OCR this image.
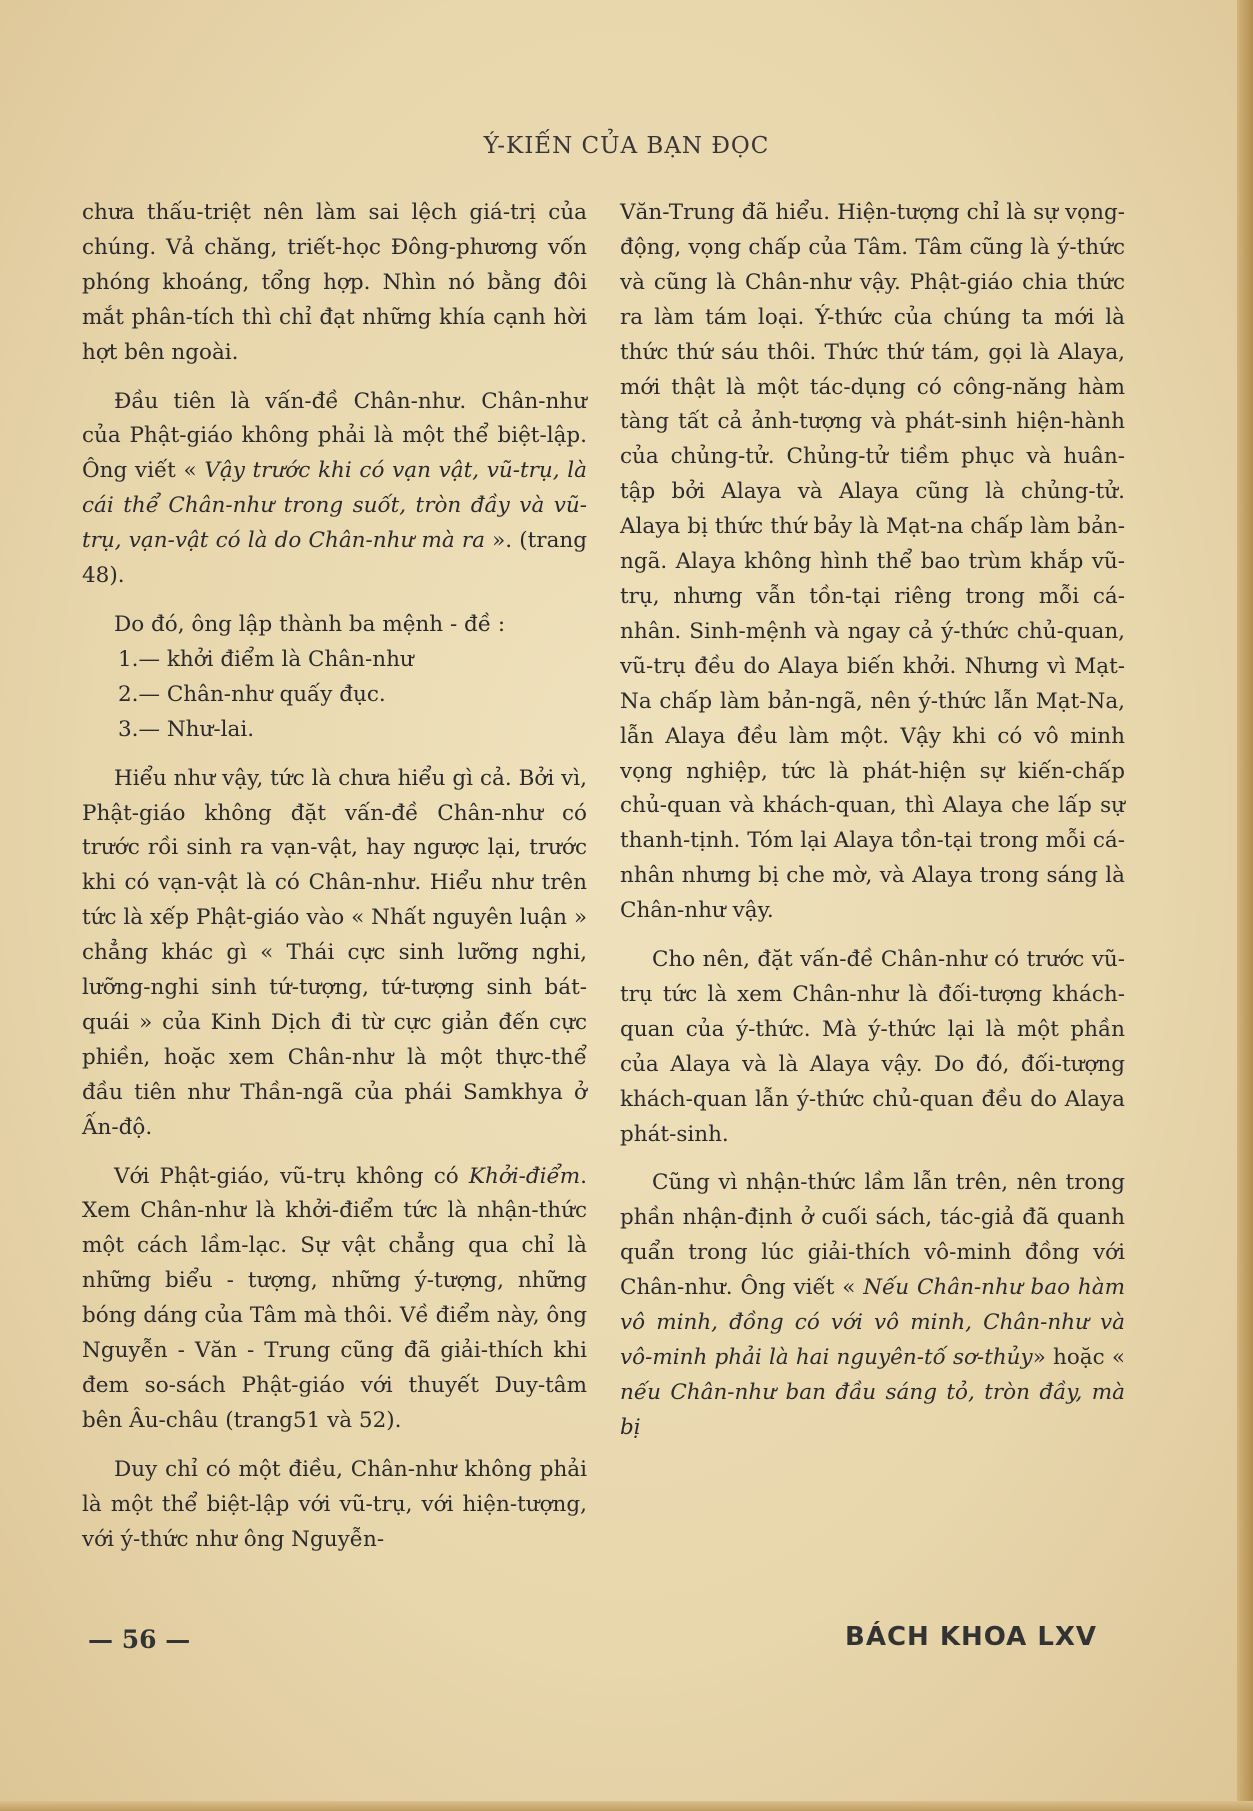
Ý-KIẾN CỦA BẠN ĐỌC

chưa thấu-triệt nên làm sai lệch giá-trị của chúng. Vả chăng, triết-học Đông-phương vốn phóng khoáng, tổng hợp. Nhìn nó bằng đôi mắt phân-tích thì chỉ đạt những khía cạnh hời hợt bên ngoài.

Đầu tiên là vấn-đề Chân-như. Chân-như của Phật-giáo không phải là một thể biệt-lập. Ông viết « Vậy trước khi có vạn vật, vũ-trụ, là cái thể Chân-như trong suốt, tròn đầy và vũ-trụ, vạn-vật có là do Chân-như mà ra ». (trang 48).

Do đó, ông lập thành ba mệnh - đề :

1.— khởi điểm là Chân-như

2.— Chân-như quấy đục.

3.— Như-lai.

Hiểu như vậy, tức là chưa hiểu gì cả. Bởi vì, Phật-giáo không đặt vấn-đề Chân-như có trước rồi sinh ra vạn-vật, hay ngược lại, trước khi có vạn-vật là có Chân-như. Hiểu như trên tức là xếp Phật-giáo vào « Nhất nguyên luận » chẳng khác gì « Thái cực sinh lưỡng nghi, lưỡng-nghi sinh tứ-tượng, tứ-tượng sinh bát-quái » của Kinh Dịch đi từ cực giản đến cực phiền, hoặc xem Chân-như là một thực-thể đầu tiên như Thần-ngã của phái Samkhya ở Ấn-độ.

Với Phật-giáo, vũ-trụ không có Khởi-điểm. Xem Chân-như là khởi-điểm tức là nhận-thức một cách lầm-lạc. Sự vật chẳng qua chỉ là những biểu - tượng, những ý-tượng, những bóng dáng của Tâm mà thôi. Về điểm này, ông Nguyễn - Văn - Trung cũng đã giải-thích khi đem so-sách Phật-giáo với thuyết Duy-tâm bên Âu-châu (trang51 và 52).

Duy chỉ có một điều, Chân-như không phải là một thể biệt-lập với vũ-trụ, với hiện-tượng, với ý-thức như ông Nguyễn-

Văn-Trung đã hiểu. Hiện-tượng chỉ là sự vọng-động, vọng chấp của Tâm. Tâm cũng là ý-thức và cũng là Chân-như vậy. Phật-giáo chia thức ra làm tám loại. Ý-thức của chúng ta mới là thức thứ sáu thôi. Thức thứ tám, gọi là Alaya, mới thật là một tác-dụng có công-năng hàm tàng tất cả ảnh-tượng và phát-sinh hiện-hành của chủng-tử. Chủng-tử tiềm phục và huân-tập bởi Alaya và Alaya cũng là chủng-tử. Alaya bị thức thứ bảy là Mạt-na chấp làm bản-ngã. Alaya không hình thể bao trùm khắp vũ-trụ, nhưng vẫn tồn-tại riêng trong mỗi cá-nhân. Sinh-mệnh và ngay cả ý-thức chủ-quan, vũ-trụ đều do Alaya biến khởi. Nhưng vì Mạt-Na chấp làm bản-ngã, nên ý-thức lẫn Mạt-Na, lẫn Alaya đều làm một. Vậy khi có vô minh vọng nghiệp, tức là phát-hiện sự kiến-chấp chủ-quan và khách-quan, thì Alaya che lấp sự thanh-tịnh. Tóm lại Alaya tồn-tại trong mỗi cá-nhân nhưng bị che mờ, và Alaya trong sáng là Chân-như vậy.

Cho nên, đặt vấn-đề Chân-như có trước vũ-trụ tức là xem Chân-như là đối-tượng khách-quan của ý-thức. Mà ý-thức lại là một phần của Alaya và là Alaya vậy. Do đó, đối-tượng khách-quan lẫn ý-thức chủ-quan đều do Alaya phát-sinh.

Cũng vì nhận-thức lầm lẫn trên, nên trong phần nhận-định ở cuối sách, tác-giả đã quanh quẩn trong lúc giải-thích vô-minh đồng với Chân-như. Ông viết « Nếu Chân-như bao hàm vô minh, đồng có với vô minh, Chân-như và vô-minh phải là hai nguyên-tố sơ-thủy» hoặc « nếu Chân-như ban đầu sáng tỏ, tròn đầy, mà bị

— 56 —	BÁCH KHOA LXV
